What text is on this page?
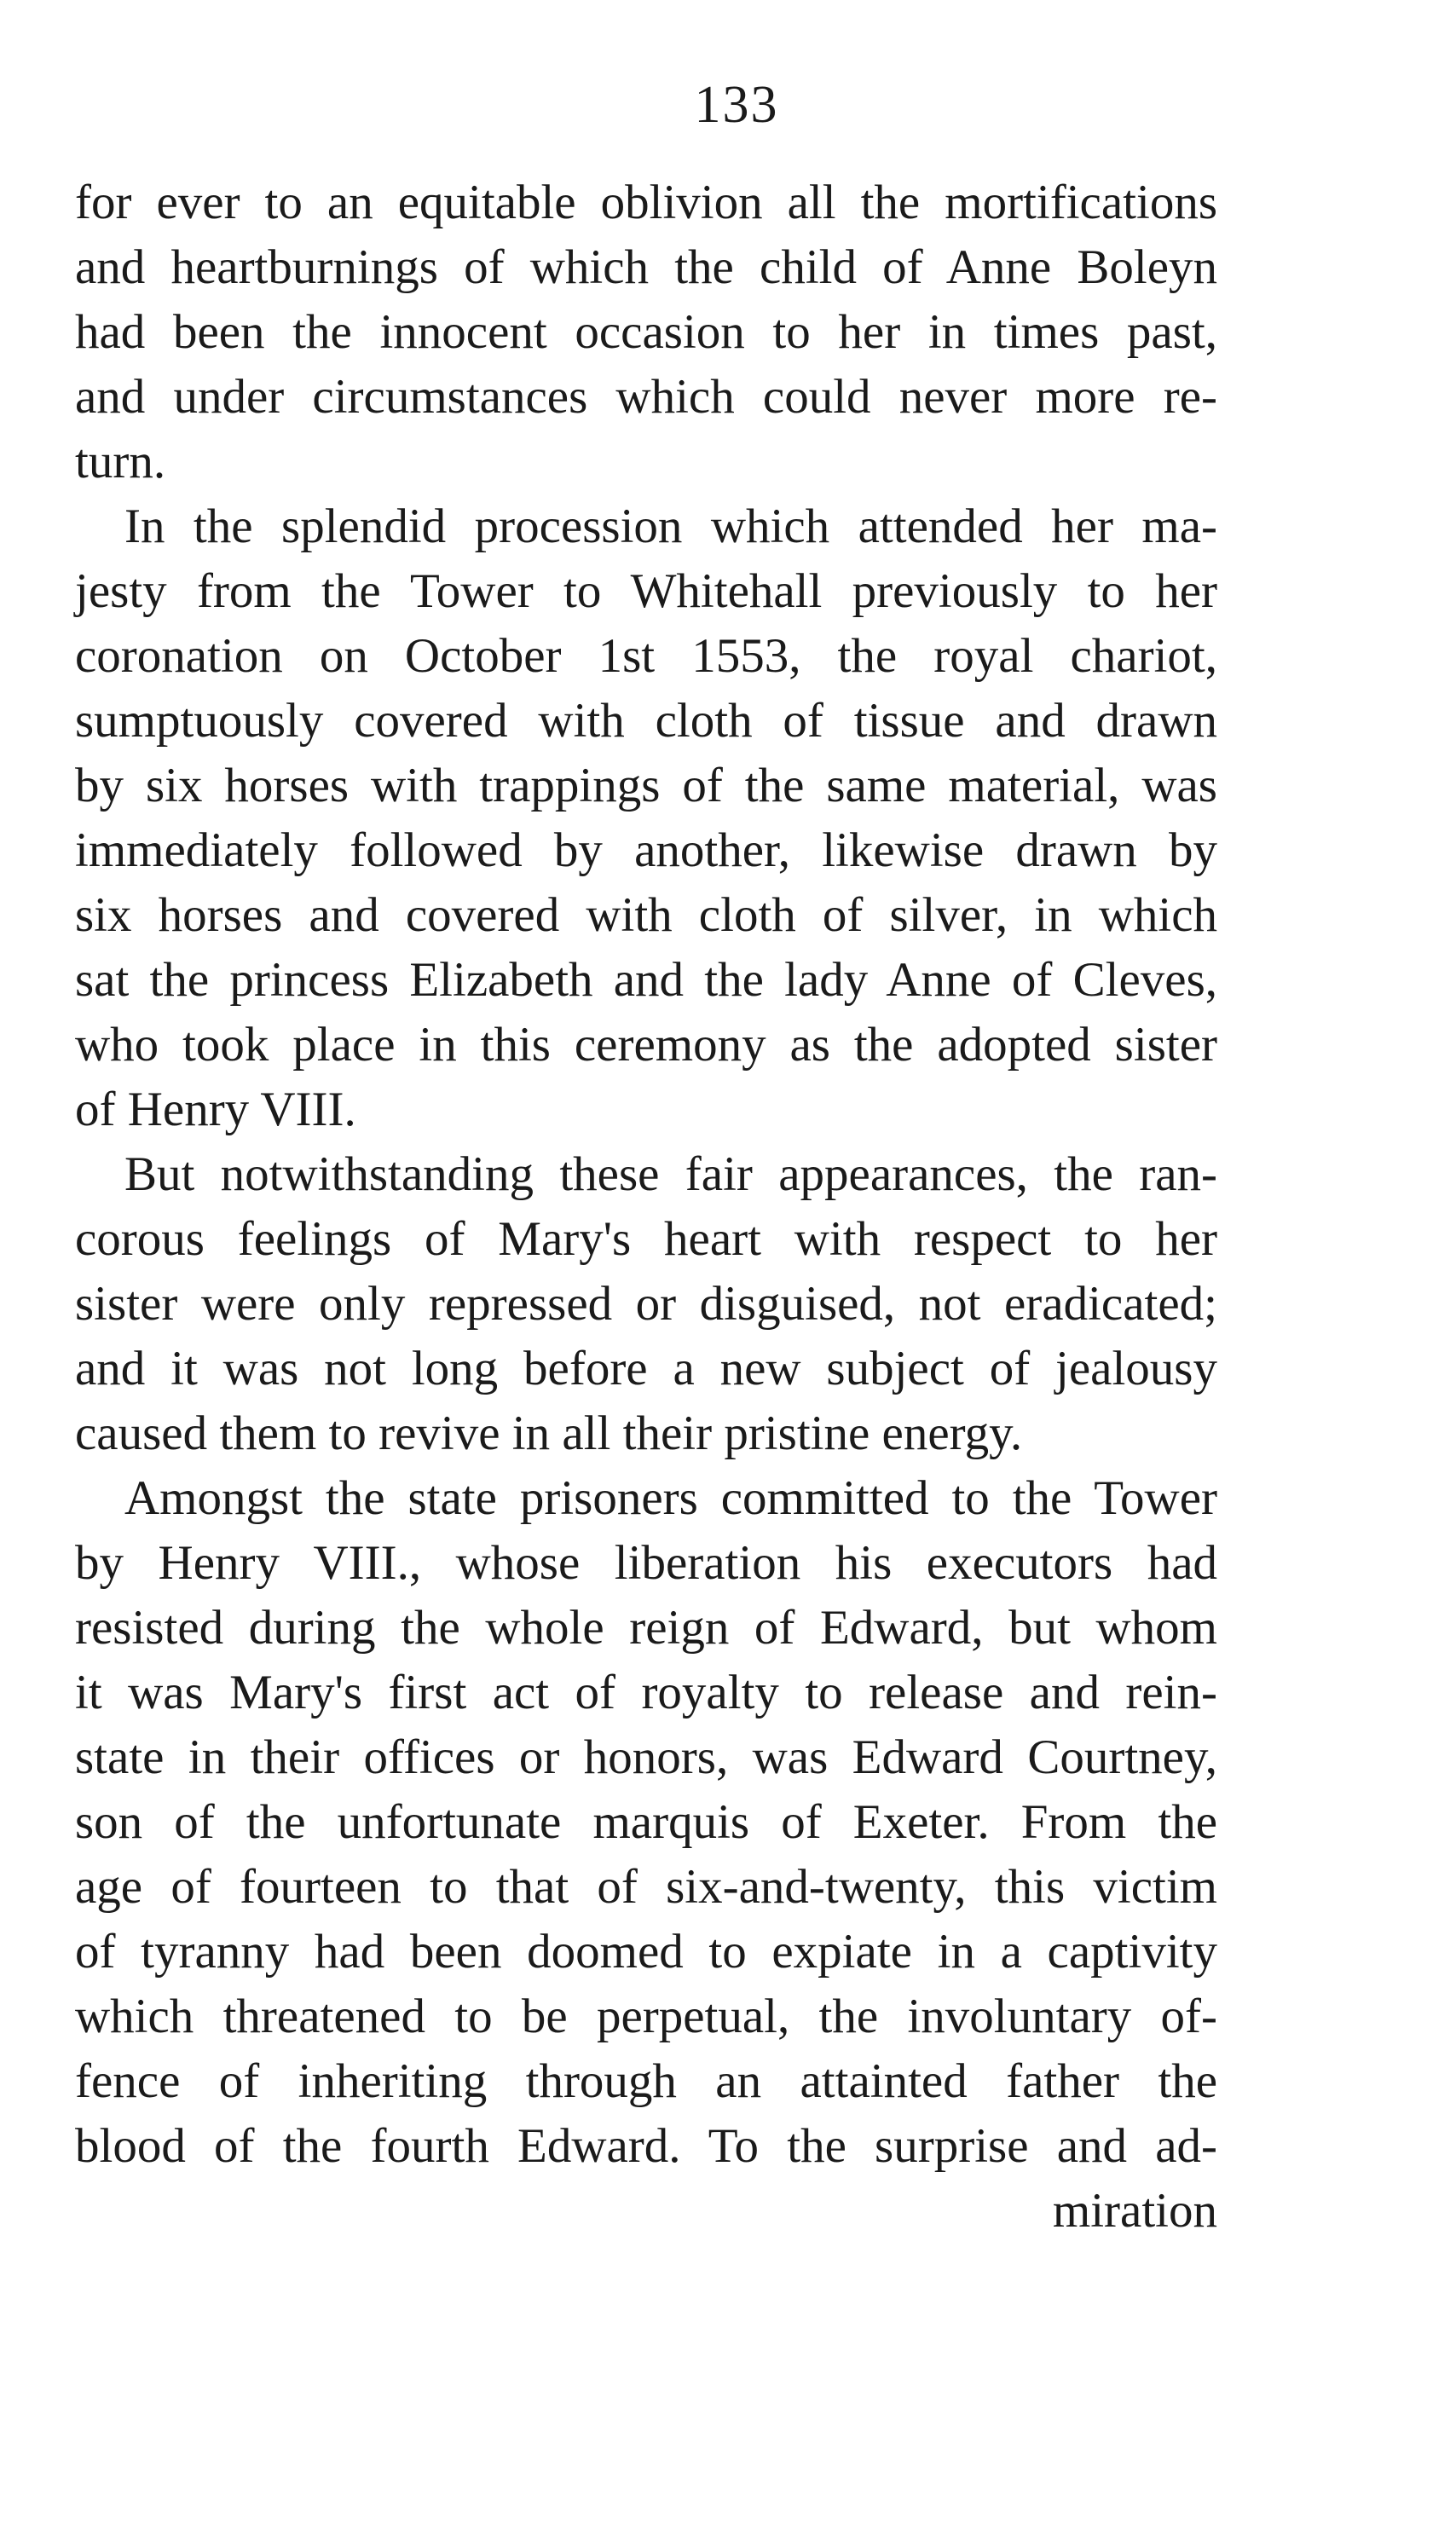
133
for ever to an equitable oblivion all the mortifications
and heartburnings of which the child of Anne Boleyn
had been the innocent occasion to her in times past,
and under circumstances which could never more re-
turn.
In the splendid procession which attended her ma-
jesty from the Tower to Whitehall previously to her
coronation on October 1st 1553, the royal chariot,
sumptuously covered with cloth of tissue and drawn
by six horses with trappings of the same material, was
immediately followed by another, likewise drawn by
six horses and covered with cloth of silver, in which
sat the princess Elizabeth and the lady Anne of Cleves,
who took place in this ceremony as the adopted sister
of Henry VIII.
But notwithstanding these fair appearances, the ran-
corous feelings of Mary's heart with respect to her
sister were only repressed or disguised, not eradicated;
and it was not long before a new subject of jealousy
caused them to revive in all their pristine energy.
Amongst the state prisoners committed to the Tower
by Henry VIII., whose liberation his executors had
resisted during the whole reign of Edward, but whom
it was Mary's first act of royalty to release and rein-
state in their offices or honors, was Edward Courtney,
son of the unfortunate marquis of Exeter. From the
age of fourteen to that of six-and-twenty, this victim
of tyranny had been doomed to expiate in a captivity
which threatened to be perpetual, the involuntary of-
fence of inheriting through an attainted father the
blood of the fourth Edward. To the surprise and ad-
miration
